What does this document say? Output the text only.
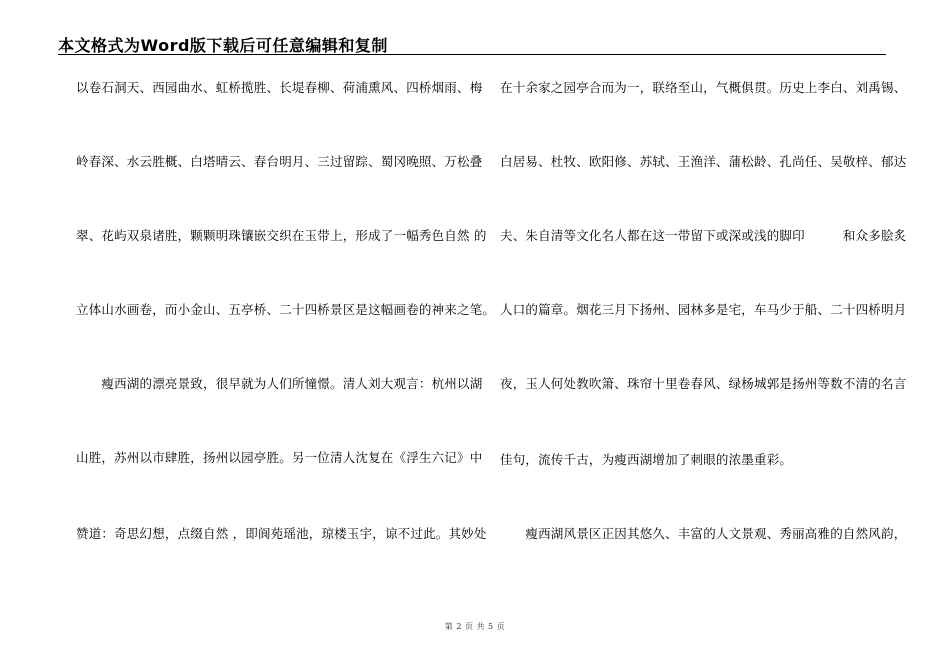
本文格式为Word版下载后可任意编辑和复制
以卷石洞天、西园曲水、虹桥揽胜、长堤春柳、荷浦熏风、四桥烟雨、梅
岭春深、水云胜概、白塔晴云、春台明月、三过留踪、蜀冈晚照、万松叠
翠、花屿双泉诸胜，颗颗明珠镶嵌交织在玉带上，形成了一幅秀色自然 的
立体山水画卷，而小金山、五亭桥、二十四桥景区是这幅画卷的神来之笔。
　　瘦西湖的漂亮景致，很早就为人们所憧憬。清人刘大观言：杭州以湖
山胜，苏州以市肆胜，扬州以园亭胜。另一位清人沈复在《浮生六记》中
赞道：奇思幻想，点缀自然 ，即阆苑瑶池，琼楼玉宇，谅不过此。其妙处
在十余家之园亭合而为一，联络至山，气概俱贯。历史上李白、刘禹锡、
白居易、杜牧、欧阳修、苏轼、王渔洋、蒲松龄、孔尚任、吴敬梓、郁达
夫、朱自清等文化名人都在这一带留下或深或浅的脚印　　　和众多脍炙
人口的篇章。烟花三月下扬州、园林多是宅，车马少于船、二十四桥明月
夜，玉人何处教吹箫、珠帘十里卷春风、绿杨城郭是扬州等数不清的名言
佳句，流传千古，为瘦西湖增加了刺眼的浓墨重彩。
　　瘦西湖风景区正因其悠久、丰富的人文景观、秀丽高雅的自然风韵，
第 2 页 共 5 页
